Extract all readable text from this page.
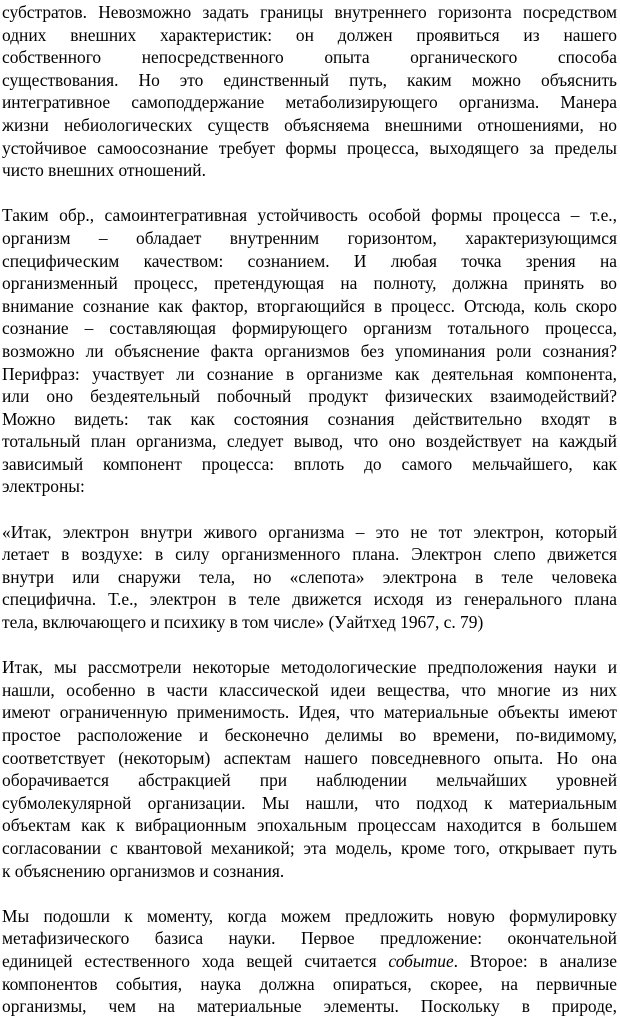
субстратов. Невозможно задать границы внутреннего горизонта посредством
одних внешних характеристик: он должен проявиться из нашего
собственного непосредственного опыта органического способа
существования. Но это единственный путь, каким можно объяснить
интегративное самоподдержание метаболизирующего организма. Манера
жизни небиологических существ объясняема внешними отношениями, но
устойчивое самоосознание требует формы процесса, выходящего за пределы
чисто внешних отношений.
Таким обр., самоинтегративная устойчивость особой формы процесса – т.е.,
организм – обладает внутренним горизонтом, характеризующимся
специфическим качеством: сознанием. И любая точка зрения на
организменный процесс, претендующая на полноту, должна принять во
внимание сознание как фактор, вторгающийся в процесс. Отсюда, коль скоро
сознание – составляющая формирующего организм тотального процесса,
возможно ли объяснение факта организмов без упоминания роли сознания?
Перифраз: участвует ли сознание в организме как деятельная компонента,
или оно бездеятельный побочный продукт физических взаимодействий?
Можно видеть: так как состояния сознания действительно входят в
тотальный план организма, следует вывод, что оно воздействует на каждый
зависимый компонент процесса: вплоть до самого мельчайшего, как
электроны:
«Итак, электрон внутри живого организма – это не тот электрон, который
летает в воздухе: в силу организменного плана. Электрон слепо движется
внутри или снаружи тела, но «слепота» электрона в теле человека
специфична. Т.е., электрон в теле движется исходя из генерального плана
тела, включающего и психику в том числе» (Уайтхед 1967, с. 79)
Итак, мы рассмотрели некоторые методологические предположения науки и
нашли, особенно в части классической идеи вещества, что многие из них
имеют ограниченную применимость. Идея, что материальные объекты имеют
простое расположение и бесконечно делимы во времени, по-видимому,
соответствует (некоторым) аспектам нашего повседневного опыта. Но она
оборачивается абстракцией при наблюдении мельчайших уровней
субмолекулярной организации. Мы нашли, что подход к материальным
объектам как к вибрационным эпохальным процессам находится в большем
согласовании с квантовой механикой; эта модель, кроме того, открывает путь
к объяснению организмов и сознания.
Мы подошли к моменту, когда можем предложить новую формулировку
метафизического базиса науки. Первое предложение: окончательной
единицей естественного хода вещей считается событие. Второе: в анализе
компонентов события, наука должна опираться, скорее, на первичные
организмы, чем на материальные элементы. Поскольку в природе,
